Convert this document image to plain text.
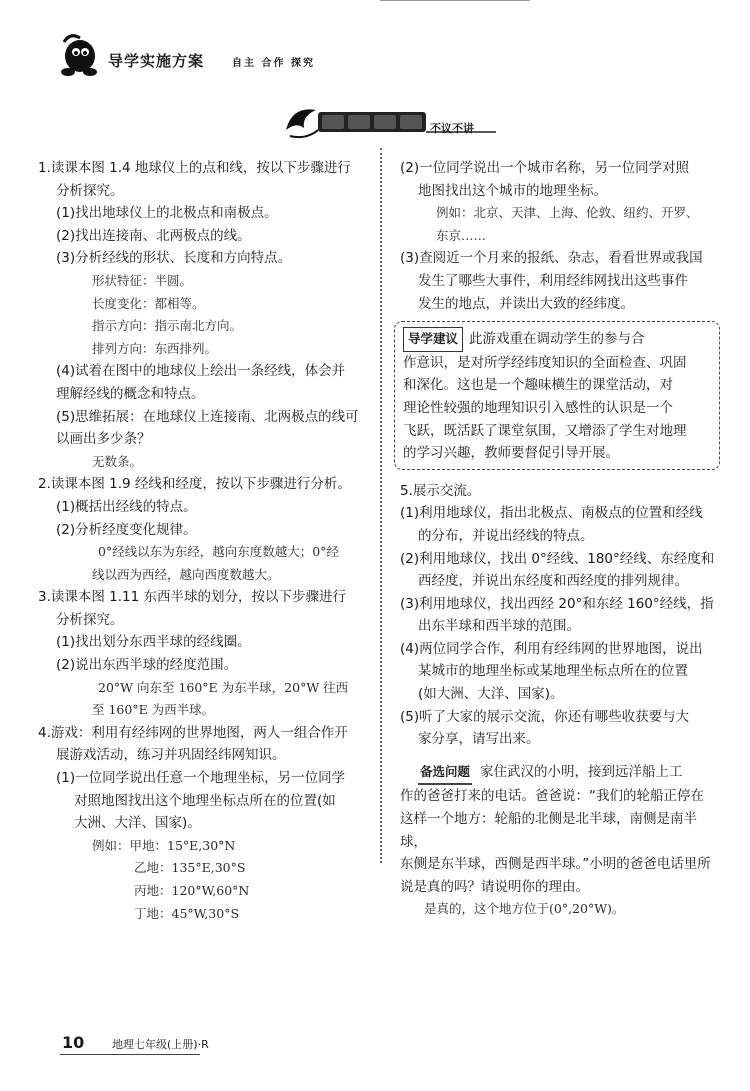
导学实施方案	自主 合作 探究
不议不讲

1.读课本图 1.4 地球仪上的点和线，按以下步骤进行

分析探究。

(1)找出地球仪上的北极点和南极点。

(2)找出连接南、北两极点的线。

(3)分析经线的形状、长度和方向特点。

形状特征：半圆。

长度变化：都相等。

指示方向：指示南北方向。

排列方向：东西排列。

(4)试着在图中的地球仪上绘出一条经线，体会并

理解经线的概念和特点。

(5)思维拓展：在地球仪上连接南、北两极点的线可

以画出多少条？

无数条。

2.读课本图 1.9 经线和经度，按以下步骤进行分析。

(1)概括出经线的特点。

(2)分析经度变化规律。

0°经线以东为东经，越向东度数越大；0°经

线以西为西经，越向西度数越大。

3.读课本图 1.11 东西半球的划分，按以下步骤进行

分析探究。

(1)找出划分东西半球的经线圈。

(2)说出东西半球的经度范围。

20°W 向东至 160°E 为东半球，20°W 往西

至 160°E 为西半球。

4.游戏：利用有经纬网的世界地图，两人一组合作开

展游戏活动，练习并巩固经纬网知识。

(1)一位同学说出任意一个地理坐标，另一位同学

对照地图找出这个地理坐标点所在的位置(如

大洲、大洋、国家)。

例如：甲地：15°E,30°N

乙地：135°E,30°S

丙地：120°W,60°N

丁地：45°W,30°S

(2)一位同学说出一个城市名称，另一位同学对照

地图找出这个城市的地理坐标。

例如：北京、天津、上海、伦敦、纽约、开罗、

东京……

(3)查阅近一个月来的报纸、杂志，看看世界或我国

发生了哪些大事件，利用经纬网找出这些事件

发生的地点，并读出大致的经纬度。

导学建议 此游戏重在调动学生的参与合

作意识，是对所学经纬度知识的全面检查、巩固

和深化。这也是一个趣味横生的课堂活动，对

理论性较强的地理知识引入感性的认识是一个

飞跃，既活跃了课堂氛围，又增添了学生对地理

的学习兴趣，教师要督促引导开展。

5.展示交流。

(1)利用地球仪，指出北极点、南极点的位置和经线

的分布，并说出经线的特点。

(2)利用地球仪，找出 0°经线、180°经线、东经度和

西经度，并说出东经度和西经度的排列规律。

(3)利用地球仪，找出西经 20°和东经 160°经线，指

出东半球和西半球的范围。

(4)两位同学合作，利用有经纬网的世界地图，说出

某城市的地理坐标或某地理坐标点所在的位置

(如大洲、大洋、国家)。

(5)听了大家的展示交流，你还有哪些收获要与大

家分享，请写出来。

备选问题 家住武汉的小明，接到远洋船上工

作的爸爸打来的电话。爸爸说：“我们的轮船正停在

这样一个地方：轮船的北侧是北半球，南侧是南半球，

东侧是东半球，西侧是西半球。”小明的爸爸电话里所

说是真的吗？请说明你的理由。

是真的，这个地方位于(0°,20°W)。

10	地理七年级(上册)·R
